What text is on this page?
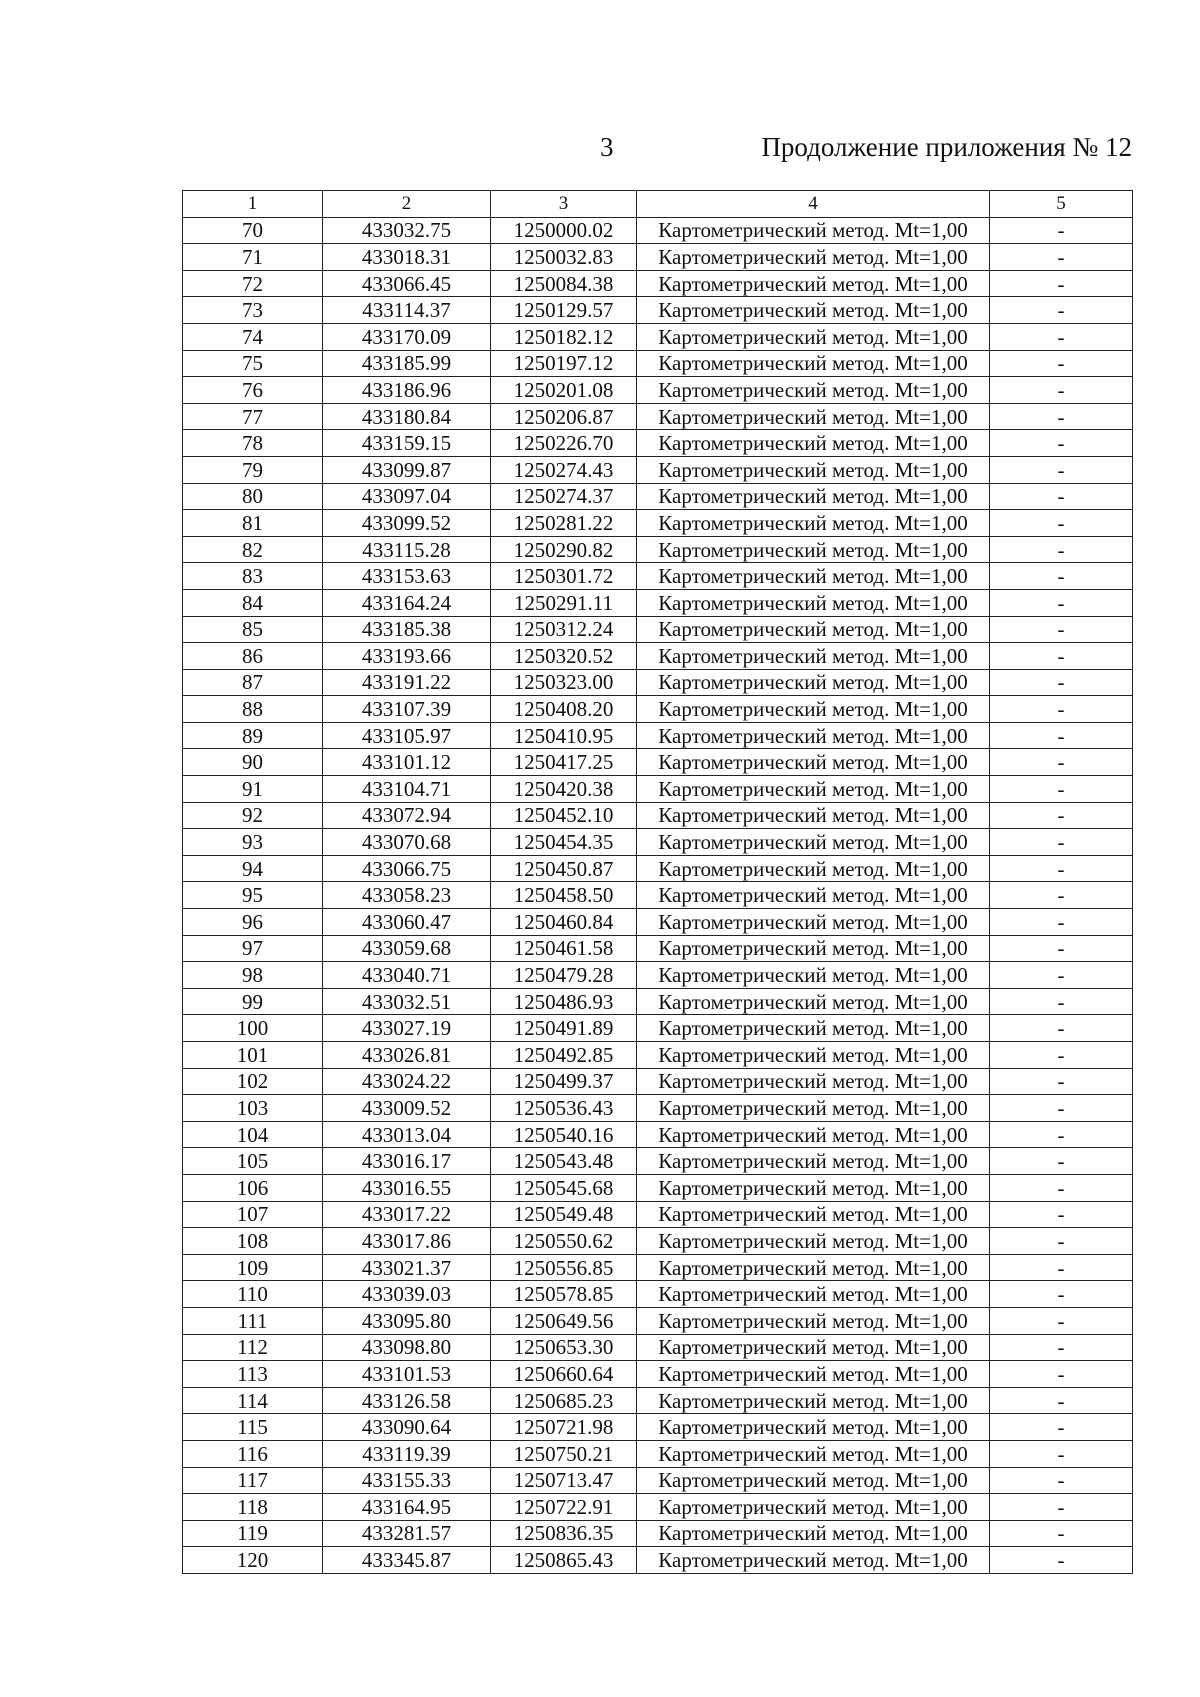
3	Продолжение приложения № 12
1	2	3	4	5
70	433032.75	1250000.02	Картометрический метод. Mt=1,00	-
71	433018.31	1250032.83	Картометрический метод. Mt=1,00	-
72	433066.45	1250084.38	Картометрический метод. Mt=1,00	-
73	433114.37	1250129.57	Картометрический метод. Mt=1,00	-
74	433170.09	1250182.12	Картометрический метод. Mt=1,00	-
75	433185.99	1250197.12	Картометрический метод. Mt=1,00	-
76	433186.96	1250201.08	Картометрический метод. Mt=1,00	-
77	433180.84	1250206.87	Картометрический метод. Mt=1,00	-
78	433159.15	1250226.70	Картометрический метод. Mt=1,00	-
79	433099.87	1250274.43	Картометрический метод. Mt=1,00	-
80	433097.04	1250274.37	Картометрический метод. Mt=1,00	-
81	433099.52	1250281.22	Картометрический метод. Mt=1,00	-
82	433115.28	1250290.82	Картометрический метод. Mt=1,00	-
83	433153.63	1250301.72	Картометрический метод. Mt=1,00	-
84	433164.24	1250291.11	Картометрический метод. Mt=1,00	-
85	433185.38	1250312.24	Картометрический метод. Mt=1,00	-
86	433193.66	1250320.52	Картометрический метод. Mt=1,00	-
87	433191.22	1250323.00	Картометрический метод. Mt=1,00	-
88	433107.39	1250408.20	Картометрический метод. Mt=1,00	-
89	433105.97	1250410.95	Картометрический метод. Mt=1,00	-
90	433101.12	1250417.25	Картометрический метод. Mt=1,00	-
91	433104.71	1250420.38	Картометрический метод. Mt=1,00	-
92	433072.94	1250452.10	Картометрический метод. Mt=1,00	-
93	433070.68	1250454.35	Картометрический метод. Mt=1,00	-
94	433066.75	1250450.87	Картометрический метод. Mt=1,00	-
95	433058.23	1250458.50	Картометрический метод. Mt=1,00	-
96	433060.47	1250460.84	Картометрический метод. Mt=1,00	-
97	433059.68	1250461.58	Картометрический метод. Mt=1,00	-
98	433040.71	1250479.28	Картометрический метод. Mt=1,00	-
99	433032.51	1250486.93	Картометрический метод. Mt=1,00	-
100	433027.19	1250491.89	Картометрический метод. Mt=1,00	-
101	433026.81	1250492.85	Картометрический метод. Mt=1,00	-
102	433024.22	1250499.37	Картометрический метод. Mt=1,00	-
103	433009.52	1250536.43	Картометрический метод. Mt=1,00	-
104	433013.04	1250540.16	Картометрический метод. Mt=1,00	-
105	433016.17	1250543.48	Картометрический метод. Mt=1,00	-
106	433016.55	1250545.68	Картометрический метод. Mt=1,00	-
107	433017.22	1250549.48	Картометрический метод. Mt=1,00	-
108	433017.86	1250550.62	Картометрический метод. Mt=1,00	-
109	433021.37	1250556.85	Картометрический метод. Mt=1,00	-
110	433039.03	1250578.85	Картометрический метод. Mt=1,00	-
111	433095.80	1250649.56	Картометрический метод. Mt=1,00	-
112	433098.80	1250653.30	Картометрический метод. Mt=1,00	-
113	433101.53	1250660.64	Картометрический метод. Mt=1,00	-
114	433126.58	1250685.23	Картометрический метод. Mt=1,00	-
115	433090.64	1250721.98	Картометрический метод. Mt=1,00	-
116	433119.39	1250750.21	Картометрический метод. Mt=1,00	-
117	433155.33	1250713.47	Картометрический метод. Mt=1,00	-
118	433164.95	1250722.91	Картометрический метод. Mt=1,00	-
119	433281.57	1250836.35	Картометрический метод. Mt=1,00	-
120	433345.87	1250865.43	Картометрический метод. Mt=1,00	-
